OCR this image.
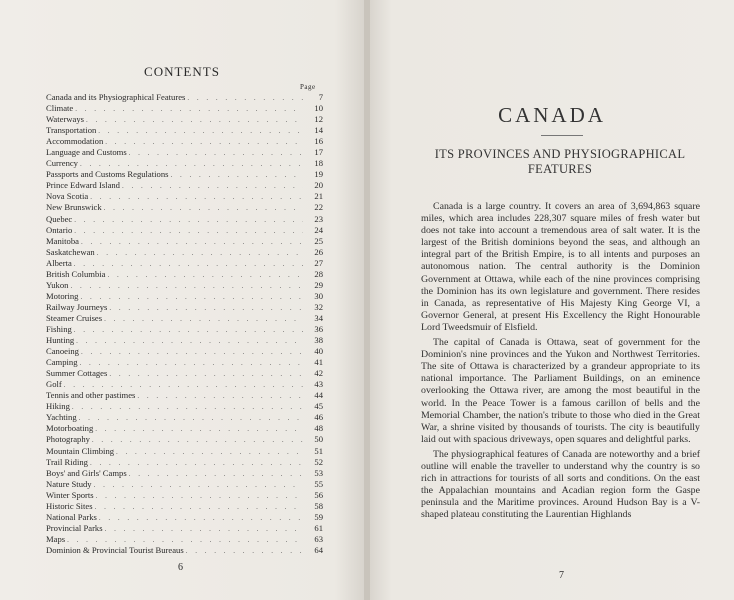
CONTENTS
Page
Canada and its Physiographical Features . . .	7
Climate . . .	10
Waterways . . .	12
Transportation . . .	14
Accommodation . . .	16
Language and Customs . . .	17
Currency . . .	18
Passports and Customs Regulations . . .	19
Prince Edward Island . . .	20
Nova Scotia . . .	21
New Brunswick . . .	22
Quebec . . .	23
Ontario . . .	24
Manitoba . . .	25
Saskatchewan . . .	26
Alberta . . .	27
British Columbia . . .	28
Yukon . . .	29
Motoring . . .	30
Railway Journeys . . .	32
Steamer Cruises . . .	34
Fishing . . .	36
Hunting . . .	38
Canoeing . . .	40
Camping . . .	41
Summer Cottages . . .	42
Golf . . .	43
Tennis and other pastimes . . .	44
Hiking . . .	45
Yachting . . .	46
Motorboating . . .	48
Photography . . .	50
Mountain Climbing . . .	51
Trail Riding . . .	52
Boys' and Girls' Camps . . .	53
Nature Study . . .	55
Winter Sports . . .	56
Historic Sites . . .	58
National Parks . . .	59
Provincial Parks . . .	61
Maps . . .	63
Dominion & Provincial Tourist Bureaus . . .	64
6
CANADA
ITS PROVINCES AND PHYSIOGRAPHICAL
FEATURES

Canada is a large country. It covers an area of 3,694,863 square miles, which area includes 228,307 square miles of fresh water but does not take into account a tremendous area of salt water. It is the largest of the British dominions beyond the seas, and although an integral part of the British Empire, is to all intents and purposes an autonomous nation. The central authority is the Dominion Government at Ottawa, while each of the nine provinces comprising the Dominion has its own legislature and government. There resides in Canada, as representative of His Majesty King George VI, a Governor General, at present His Excellency the Right Honourable Lord Tweedsmuir of Elsfield.

The capital of Canada is Ottawa, seat of government for the Dominion's nine provinces and the Yukon and Northwest Territories. The site of Ottawa is characterized by a grandeur appropriate to its national importance. The Parliament Buildings, on an eminence overlooking the Ottawa river, are among the most beautiful in the world. In the Peace Tower is a famous carillon of bells and the Memorial Chamber, the nation's tribute to those who died in the Great War, a shrine visited by thousands of tourists. The city is beautifully laid out with spacious driveways, open squares and delightful parks.

The physiographical features of Canada are noteworthy and a brief outline will enable the traveller to understand why the country is so rich in attractions for tourists of all sorts and conditions. On the east the Appalachian mountains and Acadian region form the Gaspe peninsula and the Maritime provinces. Around Hudson Bay is a V-shaped plateau constituting the Laurentian Highlands

7
